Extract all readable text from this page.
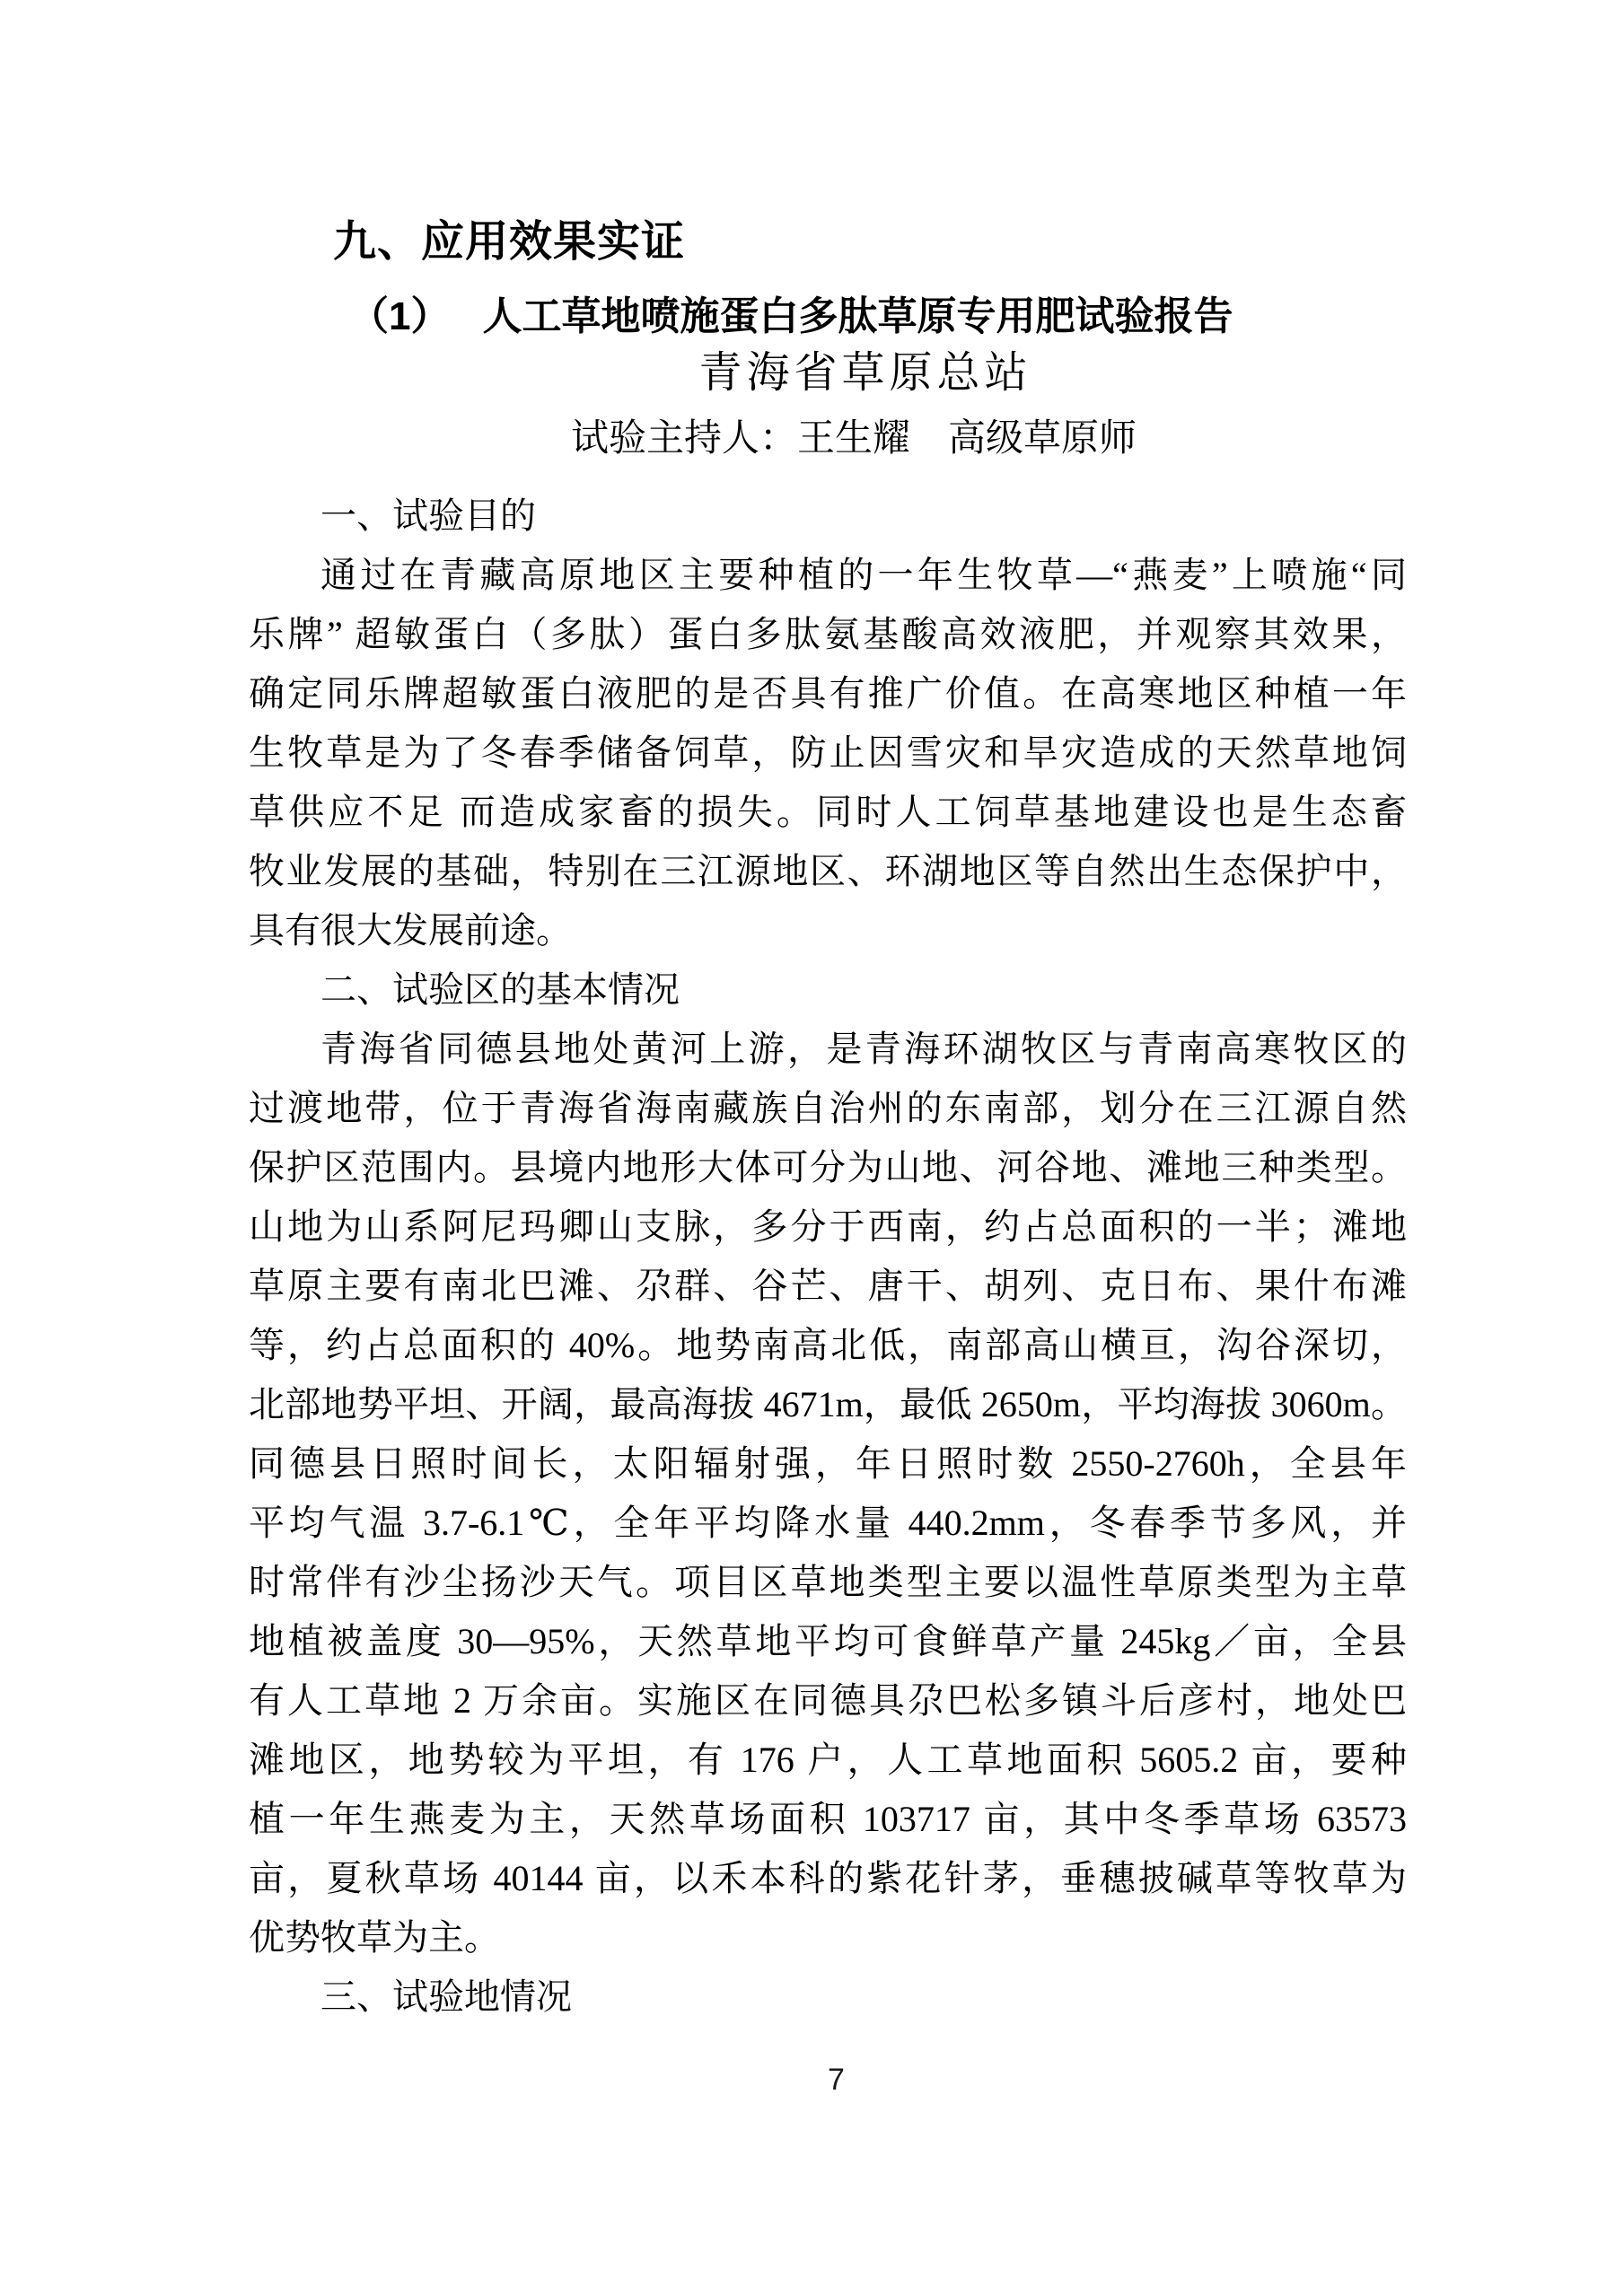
九、应用效果实证
（1） 人工草地喷施蛋白多肽草原专用肥试验报告
青海省草原总站
试验主持人：王生耀　高级草原师
一、试验目的
通过在青藏高原地区主要种植的一年生牧草—“燕麦”上喷施“同
乐牌” 超敏蛋白（多肽）蛋白多肽氨基酸高效液肥，并观察其效果，
确定同乐牌超敏蛋白液肥的是否具有推广价值。在高寒地区种植一年
生牧草是为了冬春季储备饲草，防止因雪灾和旱灾造成的天然草地饲
草供应不足 而造成家畜的损失。同时人工饲草基地建设也是生态畜
牧业发展的基础，特别在三江源地区、环湖地区等自然出生态保护中，
具有很大发展前途。
二、试验区的基本情况
青海省同德县地处黄河上游，是青海环湖牧区与青南高寒牧区的
过渡地带，位于青海省海南藏族自治州的东南部，划分在三江源自然
保护区范围内。县境内地形大体可分为山地、河谷地、滩地三种类型。
山地为山系阿尼玛卿山支脉，多分于西南，约占总面积的一半；滩地
草原主要有南北巴滩、尕群、谷芒、唐干、胡列、克日布、果什布滩
等，约占总面积的 40%。地势南高北低，南部高山横亘，沟谷深切，
北部地势平坦、开阔，最高海拔 4671m，最低 2650m，平均海拔 3060m。
同德县日照时间长，太阳辐射强，年日照时数 2550-2760h，全县年
平均气温 3.7-6.1℃，全年平均降水量 440.2mm，冬春季节多风，并
时常伴有沙尘扬沙天气。项目区草地类型主要以温性草原类型为主草
地植被盖度 30—95%，天然草地平均可食鲜草产量 245kg／亩，全县
有人工草地 2 万余亩。实施区在同德具尕巴松多镇斗后彦村，地处巴
滩地区，地势较为平坦，有 176 户，人工草地面积 5605.2 亩，要种
植一年生燕麦为主，天然草场面积 103717 亩，其中冬季草场 63573
亩，夏秋草场 40144 亩，以禾本科的紫花针茅，垂穗披碱草等牧草为
优势牧草为主。
三、试验地情况
7
